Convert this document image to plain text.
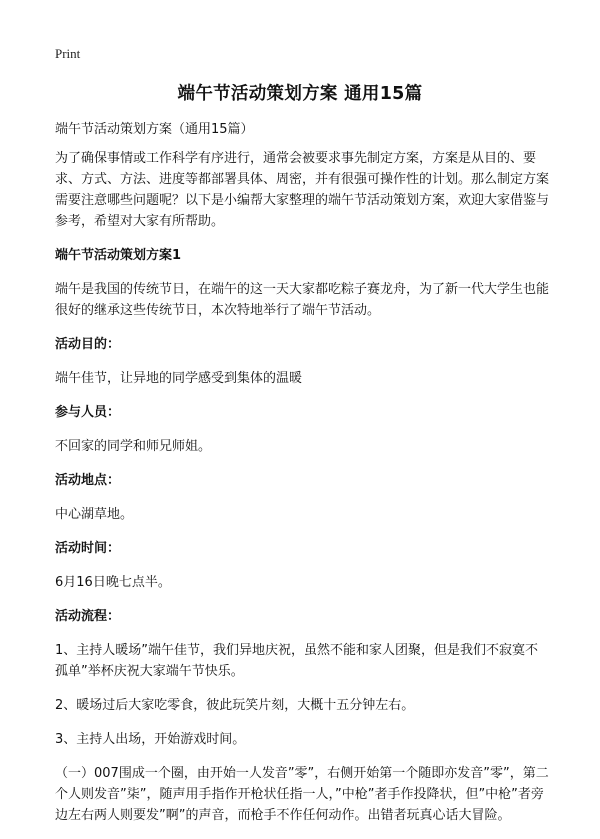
Print
端午节活动策划方案 通用15篇

端午节活动策划方案（通用15篇）

为了确保事情或工作科学有序进行，通常会被要求事先制定方案，方案是从目的、要求、方式、方法、进度等都部署具体、周密，并有很强可操作性的计划。那么制定方案需要注意哪些问题呢？以下是小编帮大家整理的端午节活动策划方案，欢迎大家借鉴与参考，希望对大家有所帮助。

端午节活动策划方案1

端午是我国的传统节日，在端午的这一天大家都吃粽子赛龙舟，为了新一代大学生也能很好的继承这些传统节日，本次特地举行了端午节活动。

活动目的：

端午佳节，让异地的同学感受到集体的温暖

参与人员：

不回家的同学和师兄师姐。

活动地点：

中心湖草地。

活动时间：

6月16日晚七点半。

活动流程：

1、主持人暖场”端午佳节，我们异地庆祝，虽然不能和家人团聚，但是我们不寂寞不孤单”举杯庆祝大家端午节快乐。

2、暖场过后大家吃零食，彼此玩笑片刻，大概十五分钟左右。

3、主持人出场，开始游戏时间。

（一）007围成一个圈，由开始一人发音”零”，右侧开始第一个随即亦发音”零”，第二个人则发音”柒”，随声用手指作开枪状任指一人，”中枪”者手作投降状，但”中枪”者旁边左右两人则要发”啊”的声音，而枪手不作任何动作。出错者玩真心话大冒险。
